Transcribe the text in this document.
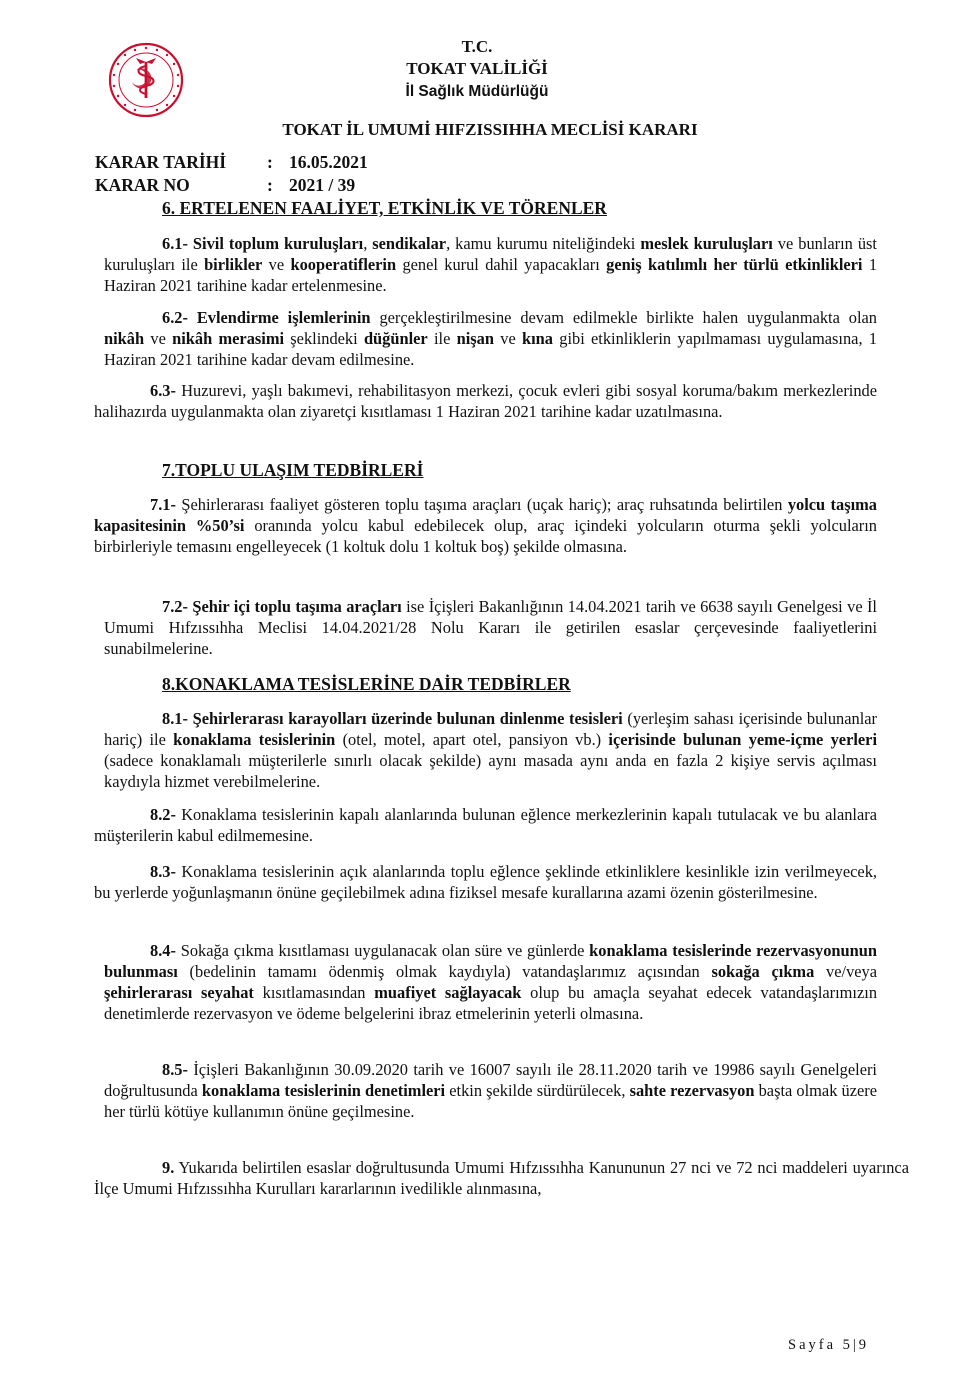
T.C.
TOKAT VALİLİĞİ
İl Sağlık Müdürlüğü
TOKAT İL UMUMİ HIFZISSIHHA MECLİSİ KARARI
KARAR TARİHİ : 16.05.2021
KARAR NO	: 2021 / 39
6. ERTELENEN FAALİYET, ETKİNLİK VE TÖRENLER
6.1- Sivil toplum kuruluşları, sendikalar, kamu kurumu niteliğindeki meslek kuruluşları ve bunların üst kuruluşları ile birlikler ve kooperatiflerin genel kurul dahil yapacakları geniş katılımlı her türlü etkinlikleri 1 Haziran 2021 tarihine kadar ertelenmesine.
6.2- Evlendirme işlemlerinin gerçekleştirilmesine devam edilmekle birlikte halen uygulanmakta olan nikâh ve nikâh merasimi şeklindeki düğünler ile nişan ve kına gibi etkinliklerin yapılmaması uygulamasına, 1 Haziran 2021 tarihine kadar devam edilmesine.
6.3- Huzurevi, yaşlı bakımevi, rehabilitasyon merkezi, çocuk evleri gibi sosyal koruma/bakım merkezlerinde halihazırda uygulanmakta olan ziyaretçi kısıtlaması 1 Haziran 2021 tarihine kadar uzatılmasına.
7.TOPLU ULAŞIM TEDBİRLERİ
7.1- Şehirlerarası faaliyet gösteren toplu taşıma araçları (uçak hariç); araç ruhsatında belirtilen yolcu taşıma kapasitesinin %50’si oranında yolcu kabul edebilecek olup, araç içindeki yolcuların oturma şekli yolcuların birbirleriyle temasını engelleyecek (1 koltuk dolu 1 koltuk boş) şekilde olmasına.
7.2- Şehir içi toplu taşıma araçları ise İçişleri Bakanlığının 14.04.2021 tarih ve 6638 sayılı Genelgesi ve İl Umumi Hıfzıssıhha Meclisi 14.04.2021/28 Nolu Kararı ile getirilen esaslar çerçevesinde faaliyetlerini sunabilmelerine.
8.KONAKLAMA TESİSLERİNE DAİR TEDBİRLER
8.1- Şehirlerarası karayolları üzerinde bulunan dinlenme tesisleri (yerleşim sahası içerisinde bulunanlar hariç) ile konaklama tesislerinin (otel, motel, apart otel, pansiyon vb.) içerisinde bulunan yeme-içme yerleri (sadece konaklamalı müşterilerle sınırlı olacak şekilde) aynı masada aynı anda en fazla 2 kişiye servis açılması kaydıyla hizmet verebilmelerine.
8.2- Konaklama tesislerinin kapalı alanlarında bulunan eğlence merkezlerinin kapalı tutulacak ve bu alanlara müşterilerin kabul edilmemesine.
8.3- Konaklama tesislerinin açık alanlarında toplu eğlence şeklinde etkinliklere kesinlikle izin verilmeyecek, bu yerlerde yoğunlaşmanın önüne geçilebilmek adına fiziksel mesafe kurallarına azami özenin gösterilmesine.
8.4- Sokağa çıkma kısıtlaması uygulanacak olan süre ve günlerde konaklama tesislerinde rezervasyonunun bulunması (bedelinin tamamı ödenmiş olmak kaydıyla) vatandaşlarımız açısından sokağa çıkma ve/veya şehirlerarası seyahat kısıtlamasından muafiyet sağlayacak olup bu amaçla seyahat edecek vatandaşlarımızın denetimlerde rezervasyon ve ödeme belgelerini ibraz etmelerinin yeterli olmasına.
8.5- İçişleri Bakanlığının 30.09.2020 tarih ve 16007 sayılı ile 28.11.2020 tarih ve 19986 sayılı Genelgeleri doğrultusunda konaklama tesislerinin denetimleri etkin şekilde sürdürülecek, sahte rezervasyon başta olmak üzere her türlü kötüye kullanımın önüne geçilmesine.
9. Yukarıda belirtilen esaslar doğrultusunda Umumi Hıfzıssıhha Kanununun 27 nci ve 72 nci maddeleri uyarınca İlçe Umumi Hıfzıssıhha Kurulları kararlarının ivedilikle alınmasına,
Sayfa 5|9
